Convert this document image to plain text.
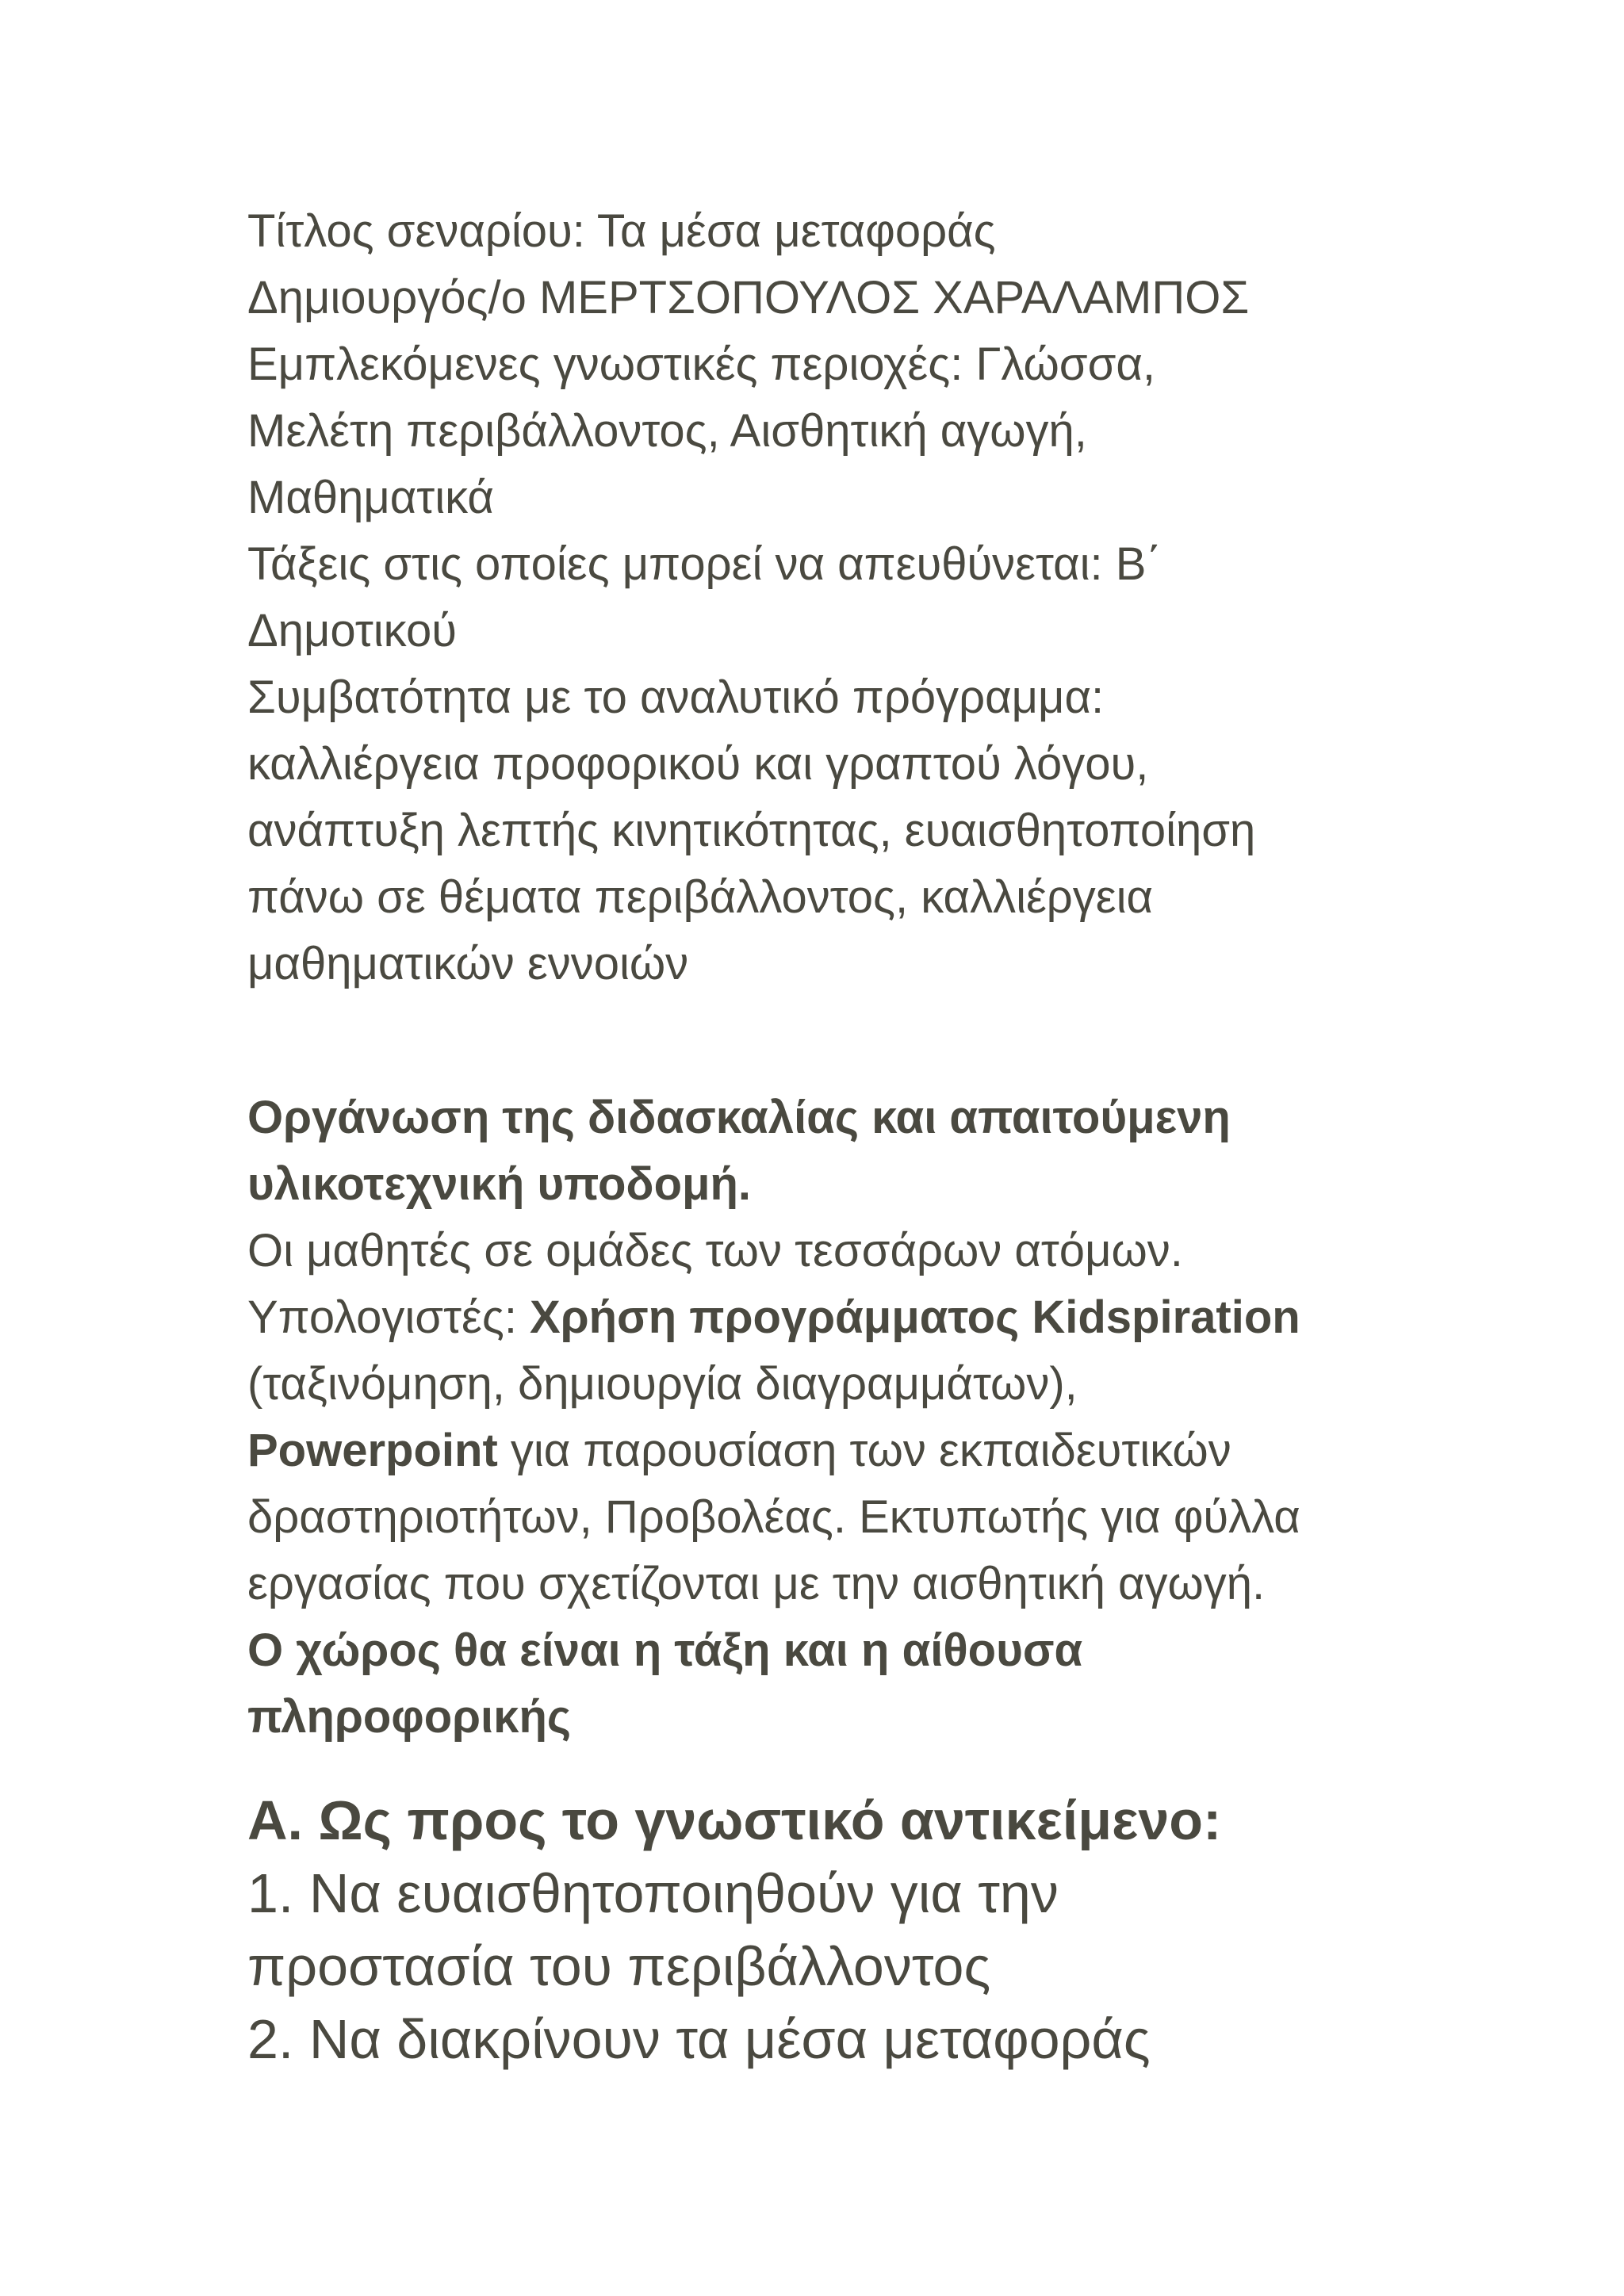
Τίτλος σεναρίου: Τα μέσα μεταφοράς
Δημιουργός/ο ΜΕΡΤΣΟΠΟΥΛΟΣ ΧΑΡΑΛΑΜΠΟΣ
Εμπλεκόμενες γνωστικές περιοχές: Γλώσσα,
Μελέτη περιβάλλοντος, Αισθητική αγωγή,
Μαθηματικά
Τάξεις στις οποίες μπορεί να απευθύνεται: Β΄
Δημοτικού
Συμβατότητα με το αναλυτικό πρόγραμμα:
καλλιέργεια προφορικού και γραπτού λόγου,
ανάπτυξη λεπτής κινητικότητας, ευαισθητοποίηση
πάνω σε θέματα περιβάλλοντος, καλλιέργεια
μαθηματικών εννοιών
Οργάνωση της διδασκαλίας και απαιτούμενη
υλικοτεχνική υποδομή.
Οι μαθητές σε ομάδες των τεσσάρων ατόμων.
Υπολογιστές: Χρήση προγράμματος Kidspiration
(ταξινόμηση, δημιουργία διαγραμμάτων),
Powerpoint για παρουσίαση των εκπαιδευτικών
δραστηριοτήτων, Προβολέας. Εκτυπωτής για φύλλα
εργασίας που σχετίζονται με την αισθητική αγωγή.
Ο χώρος θα είναι η τάξη και η αίθουσα
πληροφορικής
Α. Ως προς το γνωστικό αντικείμενο:
1. Να ευαισθητοποιηθούν για την
προστασία του περιβάλλοντος
2. Να διακρίνουν τα μέσα μεταφοράς
